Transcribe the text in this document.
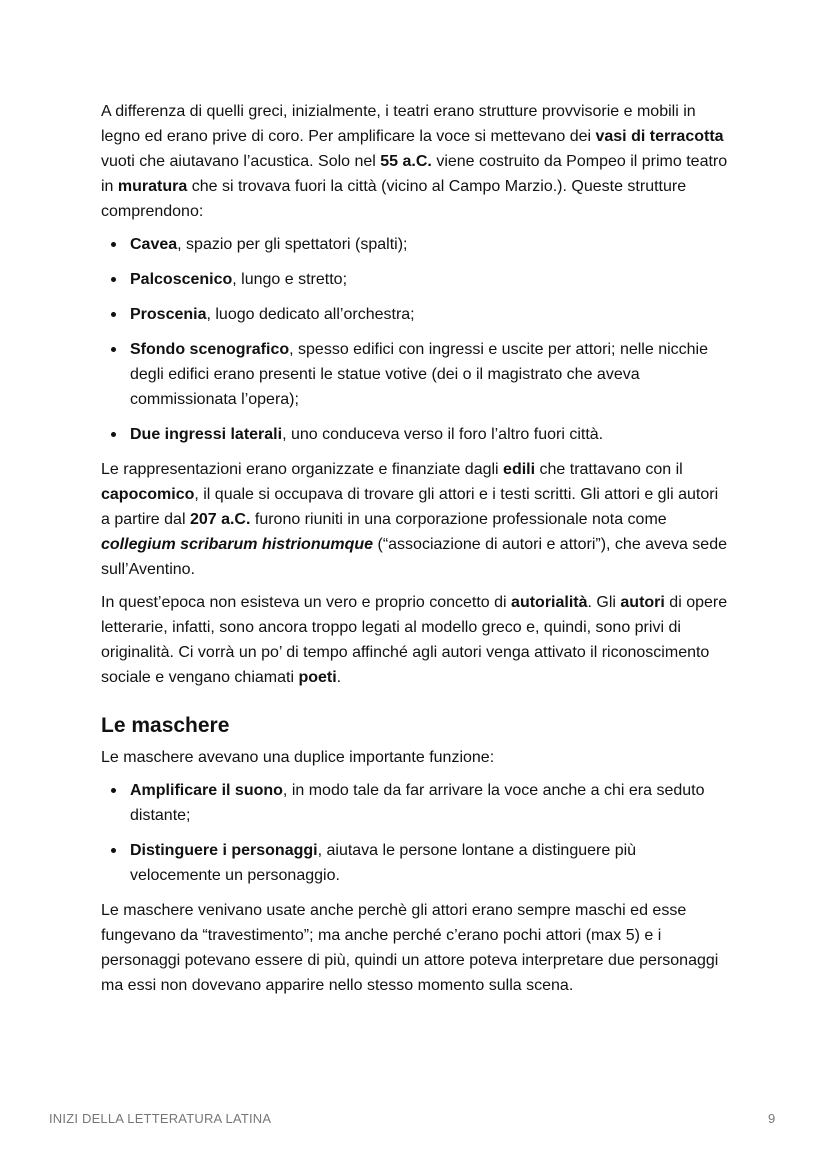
A differenza di quelli greci, inizialmente, i teatri erano strutture provvisorie e mobili in legno ed erano prive di coro. Per amplificare la voce si mettevano dei vasi di terracotta vuoti che aiutavano l’acustica. Solo nel 55 a.C. viene costruito da Pompeo il primo teatro in muratura che si trovava fuori la città (vicino al Campo Marzio.). Queste strutture comprendono:

Cavea, spazio per gli spettatori (spalti);
Palcoscenico, lungo e stretto;
Proscenia, luogo dedicato all’orchestra;
Sfondo scenografico, spesso edifici con ingressi e uscite per attori; nelle nicchie degli edifici erano presenti le statue votive (dei o il magistrato che aveva commissionata l’opera);
Due ingressi laterali, uno conduceva verso il foro l’altro fuori città.

Le rappresentazioni erano organizzate e finanziate dagli edili che trattavano con il capocomico, il quale si occupava di trovare gli attori e i testi scritti. Gli attori e gli autori a partire dal 207 a.C. furono riuniti in una corporazione professionale nota come collegium scribarum histrionumque (“associazione di autori e attori”), che aveva sede sull’Aventino.

In quest’epoca non esisteva un vero e proprio concetto di autorialità. Gli autori di opere letterarie, infatti, sono ancora troppo legati al modello greco e, quindi, sono privi di originalità. Ci vorrà un po’ di tempo affinché agli autori venga attivato il riconoscimento sociale e vengano chiamati poeti.

Le maschere

Le maschere avevano una duplice importante funzione:

Amplificare il suono, in modo tale da far arrivare la voce anche a chi era seduto distante;
Distinguere i personaggi, aiutava le persone lontane a distinguere più velocemente un personaggio.

Le maschere venivano usate anche perchè gli attori erano sempre maschi ed esse fungevano da “travestimento”; ma anche perché c’erano pochi attori (max 5) e i personaggi potevano essere di più, quindi un attore poteva interpretare due personaggi ma essi non dovevano apparire nello stesso momento sulla scena.

INIZI DELLA LETTERATURA LATINA	9
